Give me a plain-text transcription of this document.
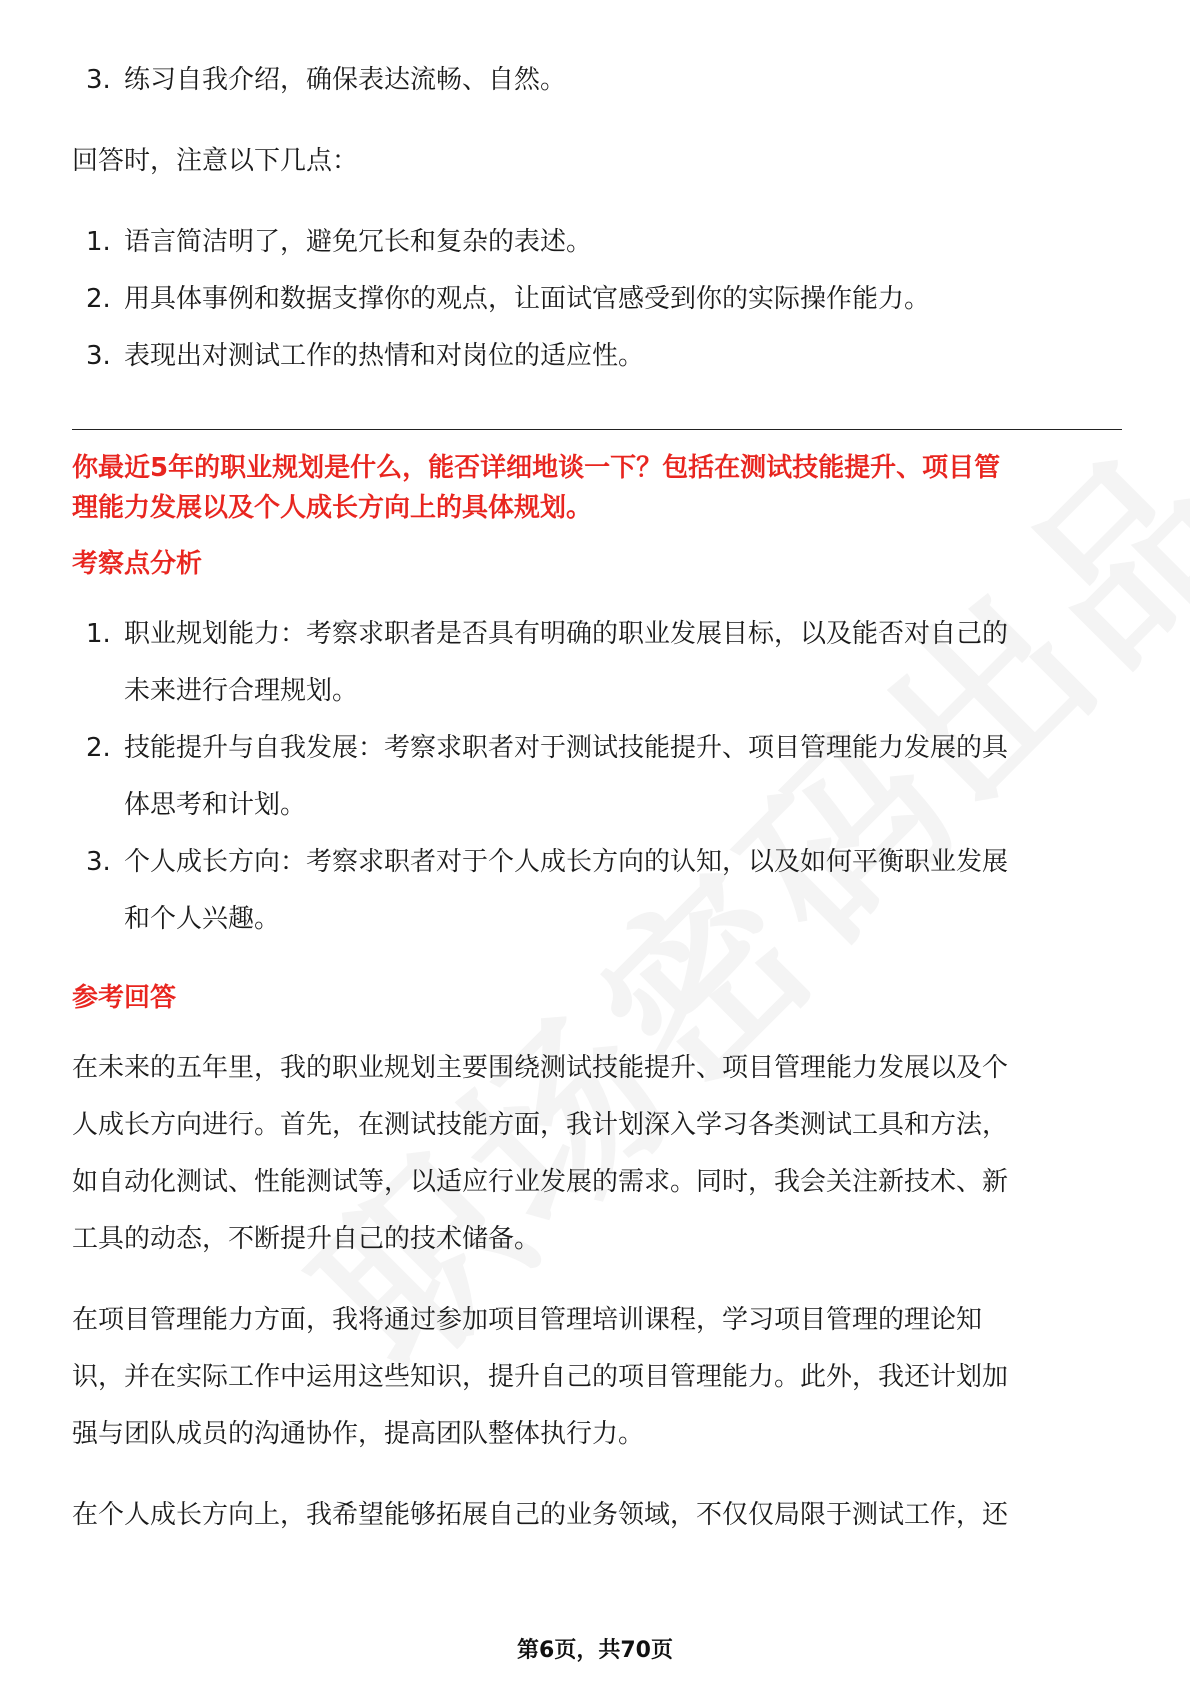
3. 练习自我介绍，确保表达流畅、自然。

回答时，注意以下几点：

1. 语言简洁明了，避免冗长和复杂的表述。
2. 用具体事例和数据支撑你的观点，让面试官感受到你的实际操作能力。
3. 表现出对测试工作的热情和对岗位的适应性。

你最近5年的职业规划是什么，能否详细地谈一下？包括在测试技能提升、项目管

理能力发展以及个人成长方向上的具体规划。

考察点分析

1. 职业规划能力：考察求职者是否具有明确的职业发展目标，以及能否对自己的
未来进行合理规划。
2. 技能提升与自我发展：考察求职者对于测试技能提升、项目管理能力发展的具
体思考和计划。
3. 个人成长方向：考察求职者对于个人成长方向的认知，以及如何平衡职业发展
和个人兴趣。

参考回答

在未来的五年里，我的职业规划主要围绕测试技能提升、项目管理能力发展以及个

人成长方向进行。首先，在测试技能方面，我计划深入学习各类测试工具和方法，

如自动化测试、性能测试等，以适应行业发展的需求。同时，我会关注新技术、新

工具的动态，不断提升自己的技术储备。

在项目管理能力方面，我将通过参加项目管理培训课程，学习项目管理的理论知

识，并在实际工作中运用这些知识，提升自己的项目管理能力。此外，我还计划加

强与团队成员的沟通协作，提高团队整体执行力。

在个人成长方向上，我希望能够拓展自己的业务领域，不仅仅局限于测试工作，还

第6页，共70页
